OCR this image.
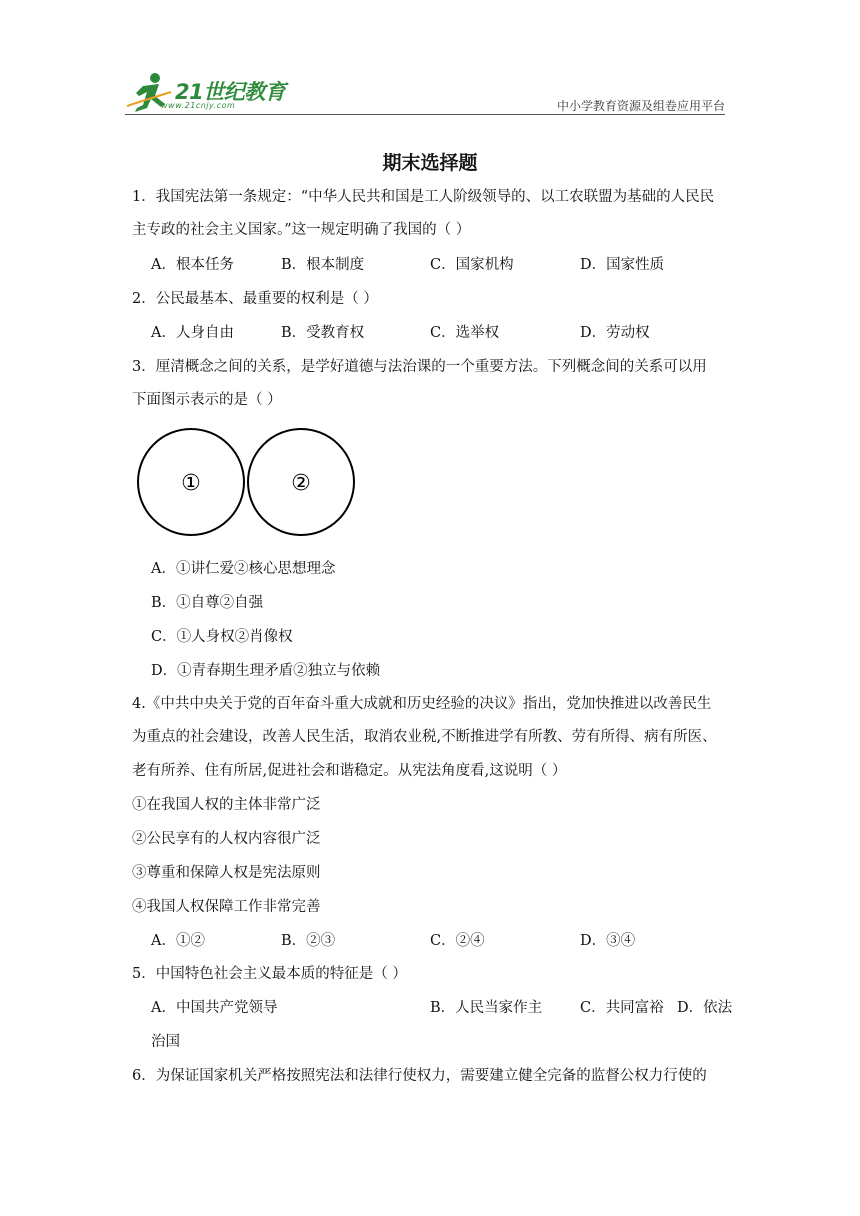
21世纪教育
www.21cnjy.com	中小学教育资源及组卷应用平台
期末选择题
1．我国宪法第一条规定：“中华人民共和国是工人阶级领导的、以工农联盟为基础的人民民
主专政的社会主义国家。”这一规定明确了我国的（ ）
A．根本任务	B．根本制度	C．国家机构	D．国家性质
2．公民最基本、最重要的权利是（ ）
A．人身自由	B．受教育权	C．选举权	D．劳动权
3．厘清概念之间的关系，是学好道德与法治课的一个重要方法。下列概念间的关系可以用
下面图示表示的是（ ）
①	②
A．①讲仁爱②核心思想理念
B．①自尊②自强
C．①人身权②肖像权
D．①青春期生理矛盾②独立与依赖
4.《中共中央关于党的百年奋斗重大成就和历史经验的决议》指出，党加快推进以改善民生
为重点的社会建设，改善人民生活，取消农业税,不断推进学有所教、劳有所得、病有所医、
老有所养、住有所居,促进社会和谐稳定。从宪法角度看,这说明（ ）
①在我国人权的主体非常广泛
②公民享有的人权内容很广泛
③尊重和保障人权是宪法原则
④我国人权保障工作非常完善
A．①②	B．②③	C．②④	D．③④
5．中国特色社会主义最本质的特征是（ ）
A．中国共产党领导	B．人民当家作主	C．共同富裕 D．依法
治国
6．为保证国家机关严格按照宪法和法律行使权力，需要建立健全完备的监督公权力行使的
